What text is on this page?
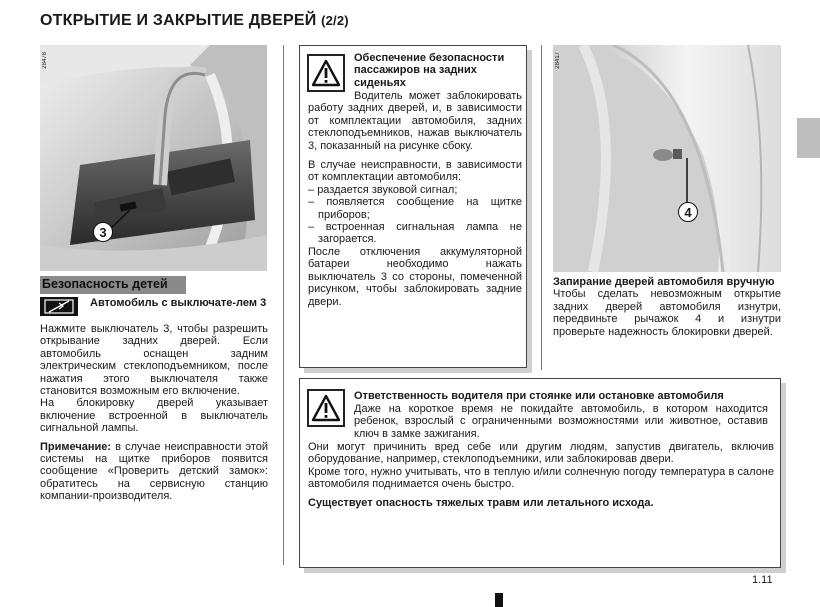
ОТКРЫТИЕ И ЗАКРЫТИЕ ДВЕРЕЙ (2/2)
28478
3
Безопасность детей
Автомобиль с выключате-лем 3

Нажмите выключатель 3, чтобы разрешить открывание задних дверей. Если автомобиль оснащен задним электрическим стеклоподъемником, после нажатия этого выключателя также становится возможным его включение.

На блокировку дверей указывает включение встроенной в выключатель сигнальной лампы.

Примечание: в случае неисправности этой системы на щитке приборов появится сообщение «Проверить детский замок»: обратитесь на сервисную станцию компании-производителя.

Обеспечение безопасности пассажиров на задних сиденьях

Водитель может заблокировать работу задних дверей, и, в зависимости от комплектации автомобиля, задних стеклоподъемников, нажав выключатель 3, показанный на рисунке сбоку.

В случае неисправности, в зависимости от комплектации автомобиля:

– раздается звуковой сигнал;

– появляется сообщение на щитке приборов;

– встроенная сигнальная лампа не загорается.

После отключения аккумуляторной батареи необходимо нажать выключатель 3 со стороны, помеченной рисунком, чтобы заблокировать задние двери.

28417
4

Запирание дверей автомобиля вручную

Чтобы сделать невозможным открытие задних дверей автомобиля изнутри, передвиньте рычажок 4 и изнутри проверьте надежность блокировки дверей.

Ответственность водителя при стоянке или остановке автомобиля
Даже на короткое время не покидайте автомобиль, в котором находится ребенок, взрослый с ограниченными возможностями или животное, оставив ключ в замке зажигания.

Они могут причинить вред себе или другим людям, запустив двигатель, включив оборудование, например, стеклоподъемники, или заблокировав двери.

Кроме того, нужно учитывать, что в теплую и/или солнечную погоду температура в салоне автомобиля поднимается очень быстро.

Существует опасность тяжелых травм или летального исхода.

1.11
